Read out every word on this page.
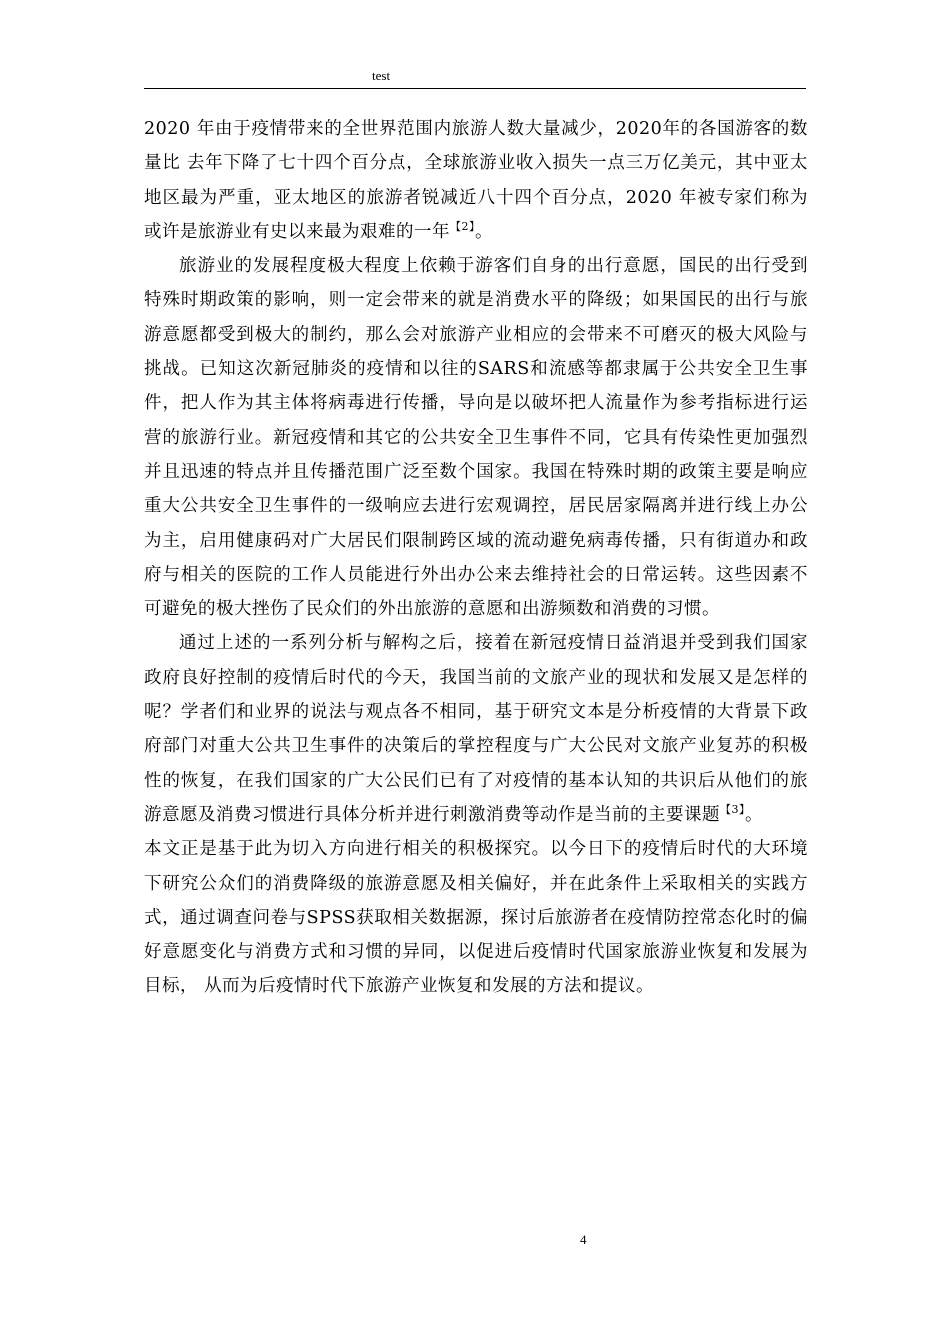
test

2020 年由于疫情带来的全世界范围内旅游人数大量减少，2020年的各国游客的数量比 去年下降了七十四个百分点，全球旅游业收入损失一点三万亿美元，其中亚太地区最为严重，亚太地区的旅游者锐减近八十四个百分点，2020 年被专家们称为或许是旅游业有史以来最为艰难的一年$^{【2】}$。

旅游业的发展程度极大程度上依赖于游客们自身的出行意愿，国民的出行受到特殊时期政策的影响，则一定会带来的就是消费水平的降级；如果国民的出行与旅游意愿都受到极大的制约，那么会对旅游产业相应的会带来不可磨灭的极大风险与挑战。已知这次新冠肺炎的疫情和以往的SARS和流感等都隶属于公共安全卫生事件，把人作为其主体将病毒进行传播，导向是以破坏把人流量作为参考指标进行运营的旅游行业。新冠疫情和其它的公共安全卫生事件不同，它具有传染性更加强烈并且迅速的特点并且传播范围广泛至数个国家。我国在特殊时期的政策主要是响应重大公共安全卫生事件的一级响应去进行宏观调控，居民居家隔离并进行线上办公为主，启用健康码对广大居民们限制跨区域的流动避免病毒传播，只有街道办和政府与相关的医院的工作人员能进行外出办公来去维持社会的日常运转。这些因素不可避免的极大挫伤了民众们的外出旅游的意愿和出游频数和消费的习惯。

通过上述的一系列分析与解构之后，接着在新冠疫情日益消退并受到我们国家政府良好控制的疫情后时代的今天，我国当前的文旅产业的现状和发展又是怎样的呢？学者们和业界的说法与观点各不相同，基于研究文本是分析疫情的大背景下政府部门对重大公共卫生事件的决策后的掌控程度与广大公民对文旅产业复苏的积极性的恢复，在我们国家的广大公民们已有了对疫情的基本认知的共识后从他们的旅游意愿及消费习惯进行具体分析并进行刺激消费等动作是当前的主要课题$^{【3】}$。

本文正是基于此为切入方向进行相关的积极探究。以今日下的疫情后时代的大环境下研究公众们的消费降级的旅游意愿及相关偏好，并在此条件上采取相关的实践方式，通过调查问卷与SPSS获取相关数据源，探讨后旅游者在疫情防控常态化时的偏好意愿变化与消费方式和习惯的异同，以促进后疫情时代国家旅游业恢复和发展为目标， 从而为后疫情时代下旅游产业恢复和发展的方法和提议。

4
